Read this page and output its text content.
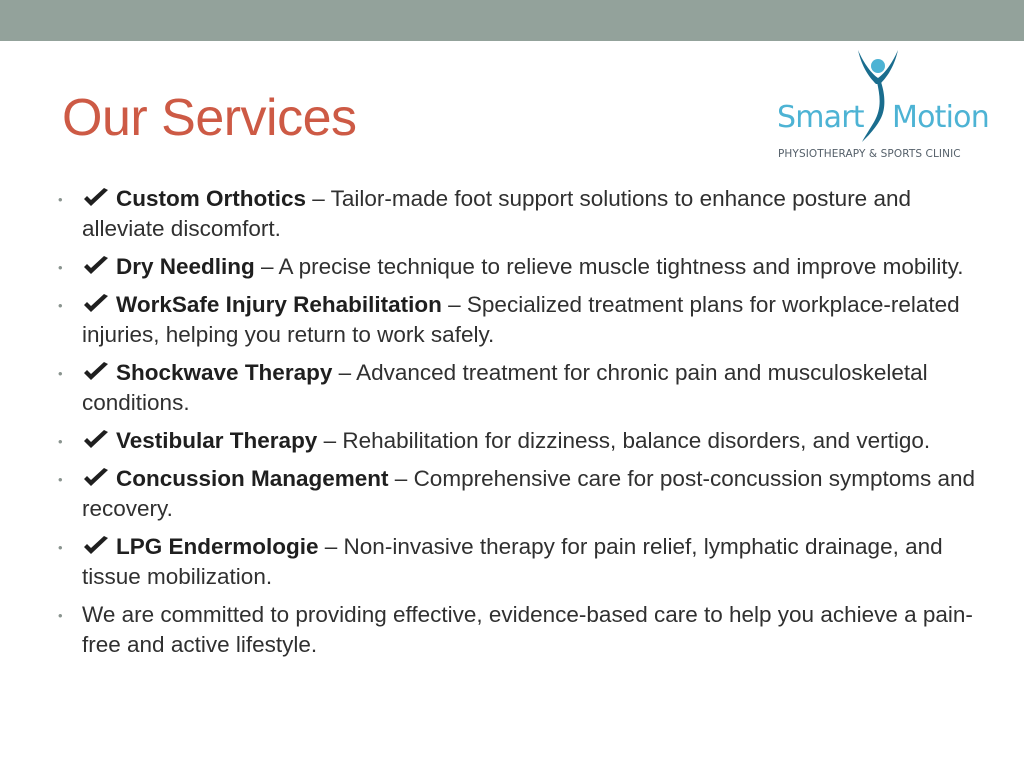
Our Services	Smart Motion
PHYSIOTHERAPY & SPORTS CLINIC
• Custom Orthotics – Tailor-made foot support solutions to enhance posture and alleviate discomfort.
• Dry Needling – A precise technique to relieve muscle tightness and improve mobility.
• WorkSafe Injury Rehabilitation – Specialized treatment plans for workplace-related injuries, helping you return to work safely.
• Shockwave Therapy – Advanced treatment for chronic pain and musculoskeletal conditions.
• Vestibular Therapy – Rehabilitation for dizziness, balance disorders, and vertigo.
• Concussion Management – Comprehensive care for post-concussion symptoms and recovery.
• LPG Endermologie – Non-invasive therapy for pain relief, lymphatic drainage, and tissue mobilization.
• We are committed to providing effective, evidence-based care to help you achieve a pain-free and active lifestyle.
